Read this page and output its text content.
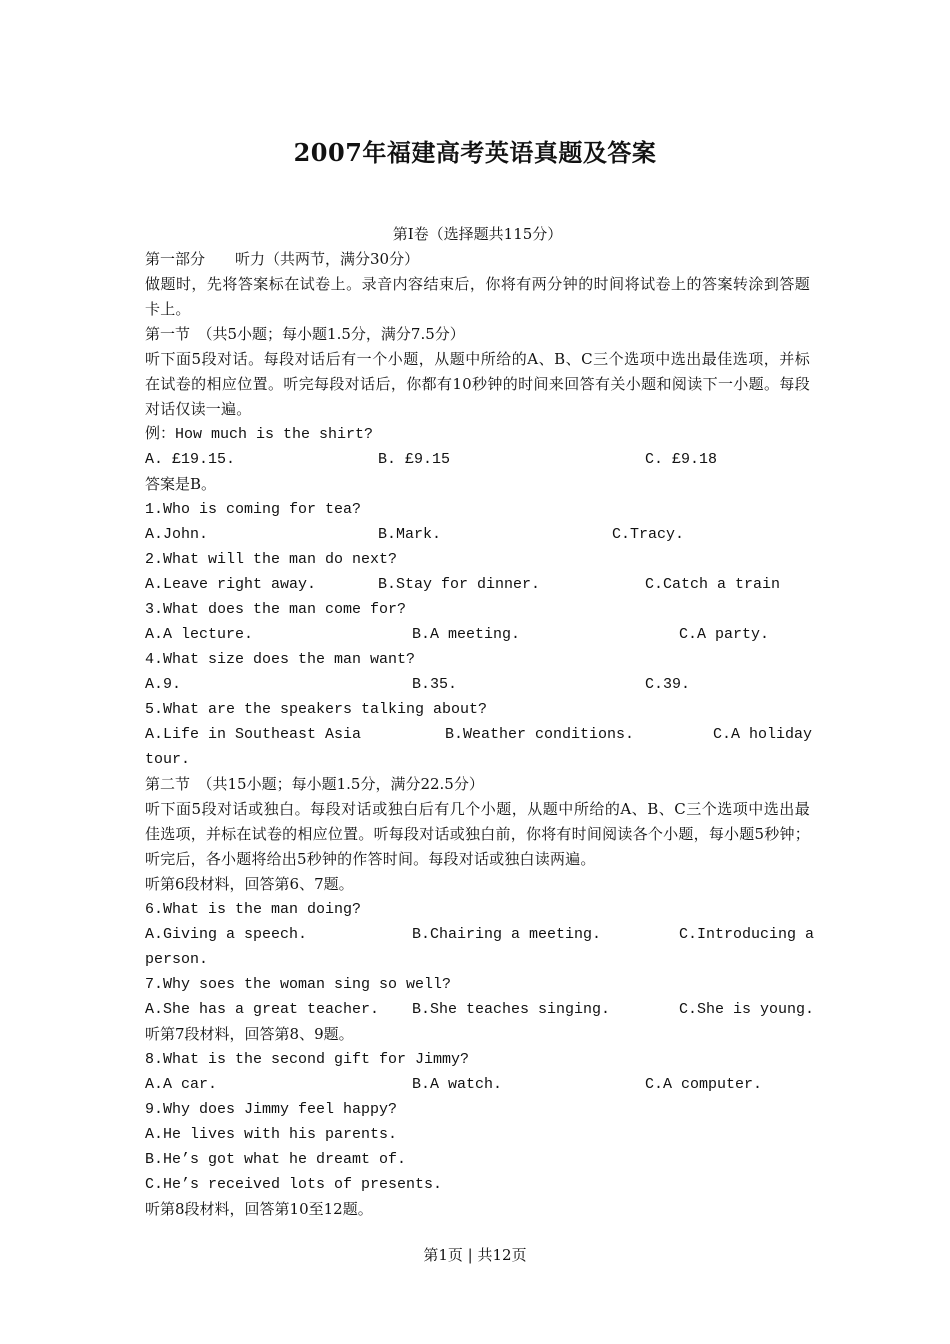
2007年福建高考英语真题及答案
第Ⅰ卷（选择题共115分）
第一部分　　听力（共两节，满分30分）
做题时，先将答案标在试卷上。录音内容结束后，你将有两分钟的时间将试卷上的答案转涂到答题卡上。
第一节　（共5小题；每小题1.5分，满分7.5分）
听下面5段对话。每段对话后有一个小题，从题中所给的A、B、C三个选项中选出最佳选项，并标在试卷的相应位置。听完每段对话后，你都有10秒钟的时间来回答有关小题和阅读下一小题。每段对话仅读一遍。
例：How much is the shirt?
A. £19.15.	B. £9.15	C. £9.18
答案是B。
1.Who is coming for tea?
A.John.	B.Mark.	C.Tracy.
2.What will the man do next?
A.Leave right away.	B.Stay for dinner.	C.Catch a train
3.What does the man come for?
A.A lecture.	B.A meeting.	C.A party.
4.What size does the man want?
A.9.	B.35.	C.39.
5.What are the speakers talking about?
A.Life in Southeast Asia	B.Weather conditions.	C.A holiday
tour.
第二节　（共15小题；每小题1.5分，满分22.5分）
听下面5段对话或独白。每段对话或独白后有几个小题，从题中所给的A、B、C三个选项中选出最佳选项，并标在试卷的相应位置。听每段对话或独白前，你将有时间阅读各个小题，每小题5秒钟；听完后，各小题将给出5秒钟的作答时间。每段对话或独白读两遍。
听第6段材料，回答第6、7题。
6.What is the man doing?
A.Giving a speech.	B.Chairing a meeting.	C.Introducing a
person.
7.Why soes the woman sing so well?
A.She has a great teacher. B.She teaches singing.	C.She is young.
听第7段材料，回答第8、9题。
8.What is the second gift for Jimmy?
A.A car.	B.A watch.	C.A computer.
9.Why does Jimmy feel happy?
A.He lives with his parents.
B.He’s got what he dreamt of.
C.He’s received lots of presents.
听第8段材料，回答第10至12题。
第1页 | 共12页
